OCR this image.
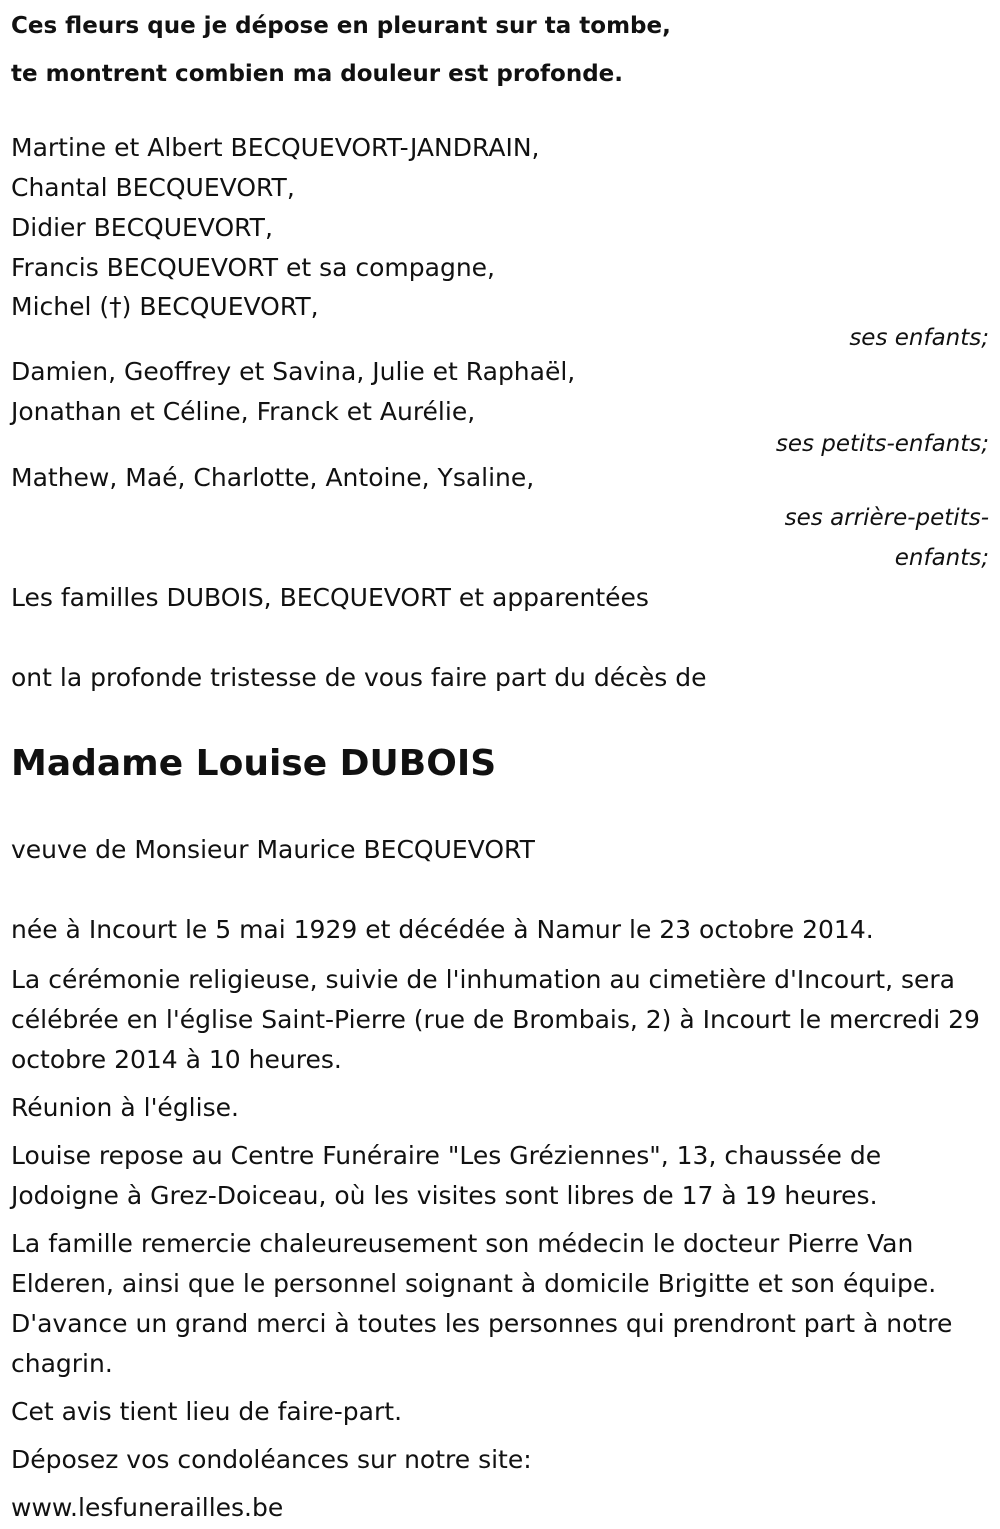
Ces fleurs que je dépose en pleurant sur ta tombe,
te montrent combien ma douleur est profonde.
Martine et Albert BECQUEVORT-JANDRAIN,
Chantal BECQUEVORT,
Didier BECQUEVORT,
Francis BECQUEVORT et sa compagne,
Michel (†) BECQUEVORT,
ses enfants;
Damien, Geoffrey et Savina, Julie et Raphaël,
Jonathan et Céline, Franck et Aurélie,
ses petits-enfants;
Mathew, Maé, Charlotte, Antoine, Ysaline,
ses arrière-petits-
enfants;
Les familles DUBOIS, BECQUEVORT et apparentées
ont la profonde tristesse de vous faire part du décès de
Madame Louise DUBOIS
veuve de Monsieur Maurice BECQUEVORT
née à Incourt le 5 mai 1929 et décédée à Namur le 23 octobre 2014.
La cérémonie religieuse, suivie de l'inhumation au cimetière d'Incourt, sera célébrée en l'église Saint-Pierre (rue de Brombais, 2) à Incourt le mercredi 29 octobre 2014 à 10 heures.
Réunion à l'église.
Louise repose au Centre Funéraire "Les Gréziennes", 13, chaussée de Jodoigne à Grez-Doiceau, où les visites sont libres de 17 à 19 heures.
La famille remercie chaleureusement son médecin le docteur Pierre Van Elderen, ainsi que le personnel soignant à domicile Brigitte et son équipe. D'avance un grand merci à toutes les personnes qui prendront part à notre chagrin.
Cet avis tient lieu de faire-part.
Déposez vos condoléances sur notre site:
www.lesfunerailles.be
